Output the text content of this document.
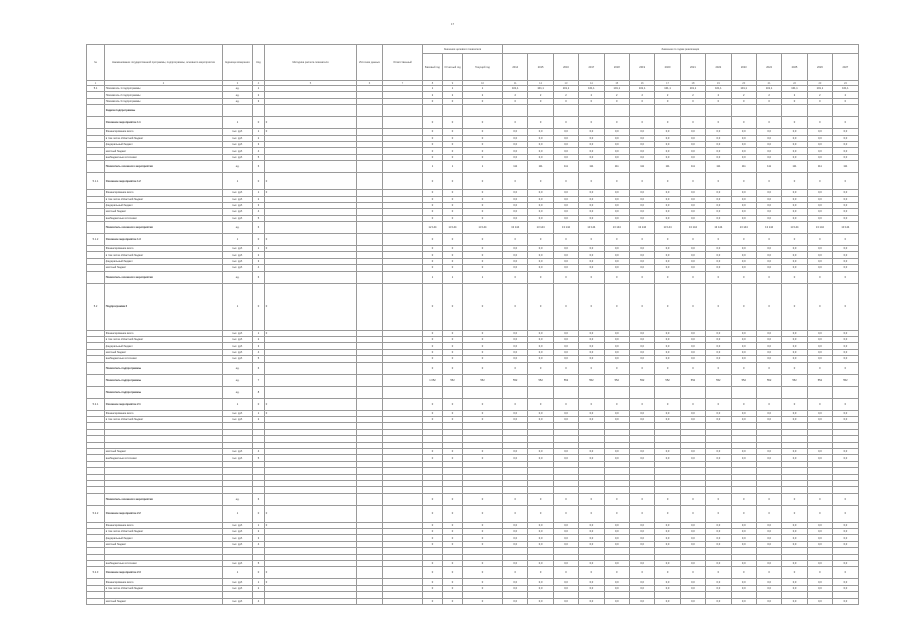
17
№	Наименование государственной программы, подпрограммы, основного мероприятия	Единица измерения	Код	Методика расчета показателя	Источник данных	Ответственный	Значения целевого показателя			Значение по годам реализации													
							Базовый год	Отчетный год	Текущий год	2014	2015	2016	2017	2018	2019	2020	2021	2022	2023	2024	2025	2026	2027
1	2	3	4	5	6	7	8	9	10	11	12	13	14	15	16	17	18	19	20	21	22	23	24
5.1	Показатель 1 подпрограммы	ед.	1				1	1	1	101,1	101,1	101,1	101,1	101,1	101,1	101,1	101,1	101,1	101,1	101,1	101,1	101,1	101,1
	Показатель 2 подпрограммы	ед.	2				2	2	2	2	2	2	2	2	2	2	2	2	2	2	2	2	2
	Показатель 3 подпрограммы	ед.	3				0	0	0	0	0	0	0	0	0	0	0	0	0	0	0	0	0
	Задача подпрограммы																						
	Основное мероприятие 1.1	1	0	0			0	0	0	0	0	0	0	0	0	0	0	0	0	0	0	0	0
	Финансирование всего	тыс. руб.	1	0			0	0	0	0,0	0,0	0,0	0,0	0,0	0,0	0,0	0,0	0,0	0,0	0,0	0,0	0,0	0,0
	в том числе областной бюджет	тыс. руб.	2				0	0	0	0,0	0,0	0,0	0,0	0,0	0,0	0,0	0,0	0,0	0,0	0,0	0,0	0,0	0,0
	федеральный бюджет	тыс. руб.	3				0	0	0	0,0	0,0	0,0	0,0	0,0	0,0	0,0	0,0	0,0	0,0	0,0	0,0	0,0	0,0
	местный бюджет	тыс. руб.	4				0	0	0	0,0	0,0	0,0	0,0	0,0	0,0	0,0	0,0	0,0	0,0	0,0	0,0	0,0	0,0
	внебюджетные источники	тыс. руб.	5				0	0	0	0,0	0,0	0,0	0,0	0,0	0,0	0,0	0,0	0,0	0,0	0,0	0,0	0,0	0,0
	Показатель основного мероприятия	ед.	6				1	1	1	111	111	111	111	111	111	111	111	111	111	111	111	111	111
5.1.1	Основное мероприятие 1.2	1	0	0			0	0	0	0	0	0	0	0	0	0	0	0	0	0	0	0	0
	Финансирование всего	тыс. руб.	1	0			0	0	0	0,0	0,0	0,0	0,0	0,0	0,0	0,0	0,0	0,0	0,0	0,0	0,0	0,0	0,0
	в том числе областной бюджет	тыс. руб.	2				0	0	0	0,0	0,0	0,0	0,0	0,0	0,0	0,0	0,0	0,0	0,0	0,0	0,0	0,0	0,0
	федеральный бюджет	тыс. руб.	3				0	0	0	0,0	0,0	0,0	0,0	0,0	0,0	0,0	0,0	0,0	0,0	0,0	0,0	0,0	0,0
	местный бюджет	тыс. руб.	4				0	0	0	0,0	0,0	0,0	0,0	0,0	0,0	0,0	0,0	0,0	0,0	0,0	0,0	0,0	0,0
	внебюджетные источники	тыс. руб.	5				0	0	0	0,0	0,0	0,0	0,0	0,0	0,0	0,0	0,0	0,0	0,0	0,0	0,0	0,0	0,0
	Показатель основного мероприятия	ед.	6				12 144	13 144	13 144	13 144	13 144	13 144	13 144	13 144	13 144	13 144	13 144	13 144	13 144	13 144	13 144	13 144	13 144
5.1.2	Основное мероприятие 1.3	1	0	0			0	0	0	0	0	0	0	0	0	0	0	0	0	0	0	0	0
	Финансирование всего	тыс. руб.	1	0			0	0	0	0,0	0,0	0,0	0,0	0,0	0,0	0,0	0,0	0,0	0,0	0,0	0,0	0,0	0,0
	в том числе областной бюджет	тыс. руб.	2				0	0	0	0,0	0,0	0,0	0,0	0,0	0,0	0,0	0,0	0,0	0,0	0,0	0,0	0,0	0,0
	федеральный бюджет	тыс. руб.	3				0	0	0	0,0	0,0	0,0	0,0	0,0	0,0	0,0	0,0	0,0	0,0	0,0	0,0	0,0	0,0
	местный бюджет	тыс. руб.	4				0	0	0	0,0	0,0	0,0	0,0	0,0	0,0	0,0	0,0	0,0	0,0	0,0	0,0	0,0	0,0
	Показатель основного мероприятия	ед.	6				1	1	1	0	0	0	0	0	0	0	0	0	0	0	0	0	0
5.2	Подпрограмма 2	1	0	0			0	0	0	0	0	0	0	0	0	0	0	0	0	0	0	0	0
	Финансирование всего	тыс. руб.	1	0			0	0	0	0,0	0,0	0,0	0,0	0,0	0,0	0,0	0,0	0,0	0,0	0,0	0,0	0,0	0,0
	в том числе областной бюджет	тыс. руб.	2				0	0	0	0,0	0,0	0,0	0,0	0,0	0,0	0,0	0,0	0,0	0,0	0,0	0,0	0,0	0,0
	федеральный бюджет	тыс. руб.	3				0	0	0	0,0	0,0	0,0	0,0	0,0	0,0	0,0	0,0	0,0	0,0	0,0	0,0	0,0	0,0
	местный бюджет	тыс. руб.	4				0	0	0	0,0	0,0	0,0	0,0	0,0	0,0	0,0	0,0	0,0	0,0	0,0	0,0	0,0	0,0
	внебюджетные источники	тыс. руб.	5				0	0	0	0,0	0,0	0,0	0,0	0,0	0,0	0,0	0,0	0,0	0,0	0,0	0,0	0,0	0,0
	Показатель подпрограммы	ед.	6				0	0	0	0	0	0	0	0	0	0	0	0	0	0	0	0	0
	Показатель подпрограммы	ед.	7				1 052	552	552	552	552	552	552	552	552	552	552	552	552	552	552	552	552
	Показатель подпрограммы	ед.	8																				
5.2.1	Основное мероприятие 2.1	1	0	0			0	0	0	0	0	0	0	0	0	0	0	0	0	0	0	0	0
	Финансирование всего	тыс. руб.	1	0			0	0	0	0,0	0,0	0,0	0,0	0,0	0,0	0,0	0,0	0,0	0,0	0,0	0,0	0,0	0,0
	в том числе областной бюджет	тыс. руб.	2				0	0	0	0,0	0,0	0,0	0,0	0,0	0,0	0,0	0,0	0,0	0,0	0,0	0,0	0,0	0,0

	местный бюджет	тыс. руб.	4				0	0	0	0,0	0,0	0,0	0,0	0,0	0,0	0,0	0,0	0,0	0,0	0,0	0,0	0,0	0,0
	внебюджетные источники	тыс. руб.	5				0	0	0	0,0	0,0	0,0	0,0	0,0	0,0	0,0	0,0	0,0	0,0	0,0	0,0	0,0	0,0

	Показатель основного мероприятия	ед.	6				0	0	0	0	0	0	0	0	0	0	0	0	0	0	0	0	0
5.2.2	Основное мероприятие 2.2	1	0	0			0	0	0	0	0	0	0	0	0	0	0	0	0	0	0	0	0
	Финансирование всего	тыс. руб.	1	0			0	0	0	0,0	0,0	0,0	0,0	0,0	0,0	0,0	0,0	0,0	0,0	0,0	0,0	0,0	0,0
	в том числе областной бюджет	тыс. руб.	2				0	0	0	0,0	0,0	0,0	0,0	0,0	0,0	0,0	0,0	0,0	0,0	0,0	0,0	0,0	0,0
	федеральный бюджет	тыс. руб.	3				0	0	0	0,0	0,0	0,0	0,0	0,0	0,0	0,0	0,0	0,0	0,0	0,0	0,0	0,0	0,0
	местный бюджет	тыс. руб.	4				0	0	0	0,0	0,0	0,0	0,0	0,0	0,0	0,0	0,0	0,0	0,0	0,0	0,0	0,0	0,0

	внебюджетные источники	тыс. руб.	5				0	0	0	0,0	0,0	0,0	0,0	0,0	0,0	0,0	0,0	0,0	0,0	0,0	0,0	0,0	0,0
5.2.3	Основное мероприятие 2.3	1	0	0			0	0	0	0	0	0	0	0	0	0	0	0	0	0	0	0	0
	Финансирование всего	тыс. руб.	1	0			0	0	0	0,0	0,0	0,0	0,0	0,0	0,0	0,0	0,0	0,0	0,0	0,0	0,0	0,0	0,0
	в том числе областной бюджет	тыс. руб.	2				0	0	0	0,0	0,0	0,0	0,0	0,0	0,0	0,0	0,0	0,0	0,0	0,0	0,0	0,0	0,0

	местный бюджет	тыс. руб.	4				0	0	0	0,0	0,0	0,0	0,0	0,0	0,0	0,0	0,0	0,0	0,0	0,0	0,0	0,0	0,0
